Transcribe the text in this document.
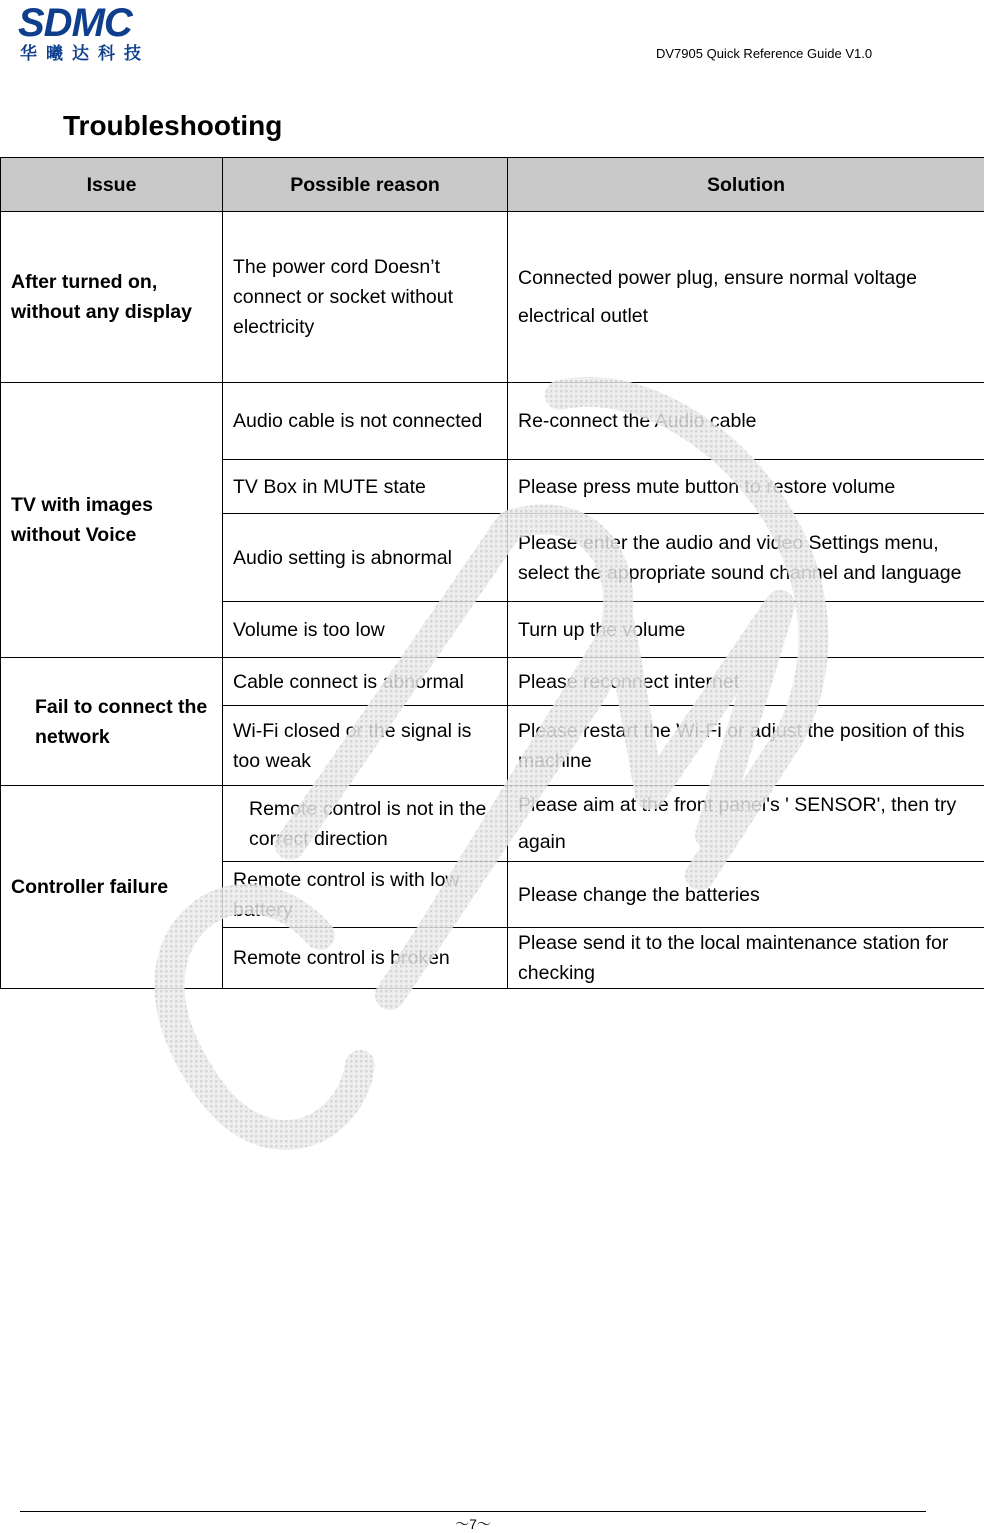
SDMC
华曦达科技	DV7905 Quick Reference Guide V1.0
Troubleshooting
Issue	Possible reason	Solution
After turned on, without any display	The power cord Doesn’t connect or socket without electricity	Connected power plug, ensure normal voltage electrical outlet
TV with images without Voice	Audio cable is not connected	Re-connect the Audio cable
	TV Box in MUTE state	Please press mute button to restore volume
	Audio setting is abnormal	Please enter the audio and video Settings menu, select the appropriate sound channel and language
	Volume is too low	Turn up the volume
Fail to connect the network	Cable connect is abnormal	Please reconnect internet
	Wi-Fi closed or the signal is too weak	Please restart the Wi-Fi or adjust the position of this machine
Controller failure	Remote control is not in the correct direction	Please aim at the front panel's ' SENSOR', then try again
	Remote control is with low battery	Please change the batteries
	Remote control is broken	Please send it to the local maintenance station for checking
～7～
